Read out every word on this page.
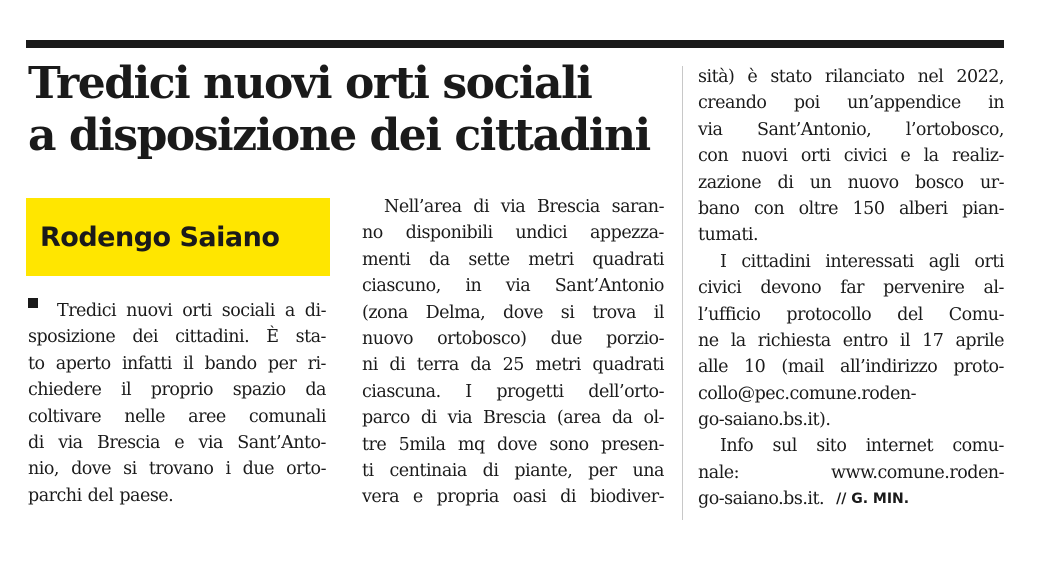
Tredici nuovi orti sociali
a disposizione dei cittadini
Rodengo Saiano
Tredici nuovi orti sociali a di-
sposizione dei cittadini. È sta-
to aperto infatti il bando per ri-
chiedere il proprio spazio da
coltivare nelle aree comunali
di via Brescia e via Sant’Anto-
nio, dove si trovano i due orto-
parchi del paese.
Nell’area di via Brescia saran-
no disponibili undici appezza-
menti da sette metri quadrati
ciascuno, in via Sant’Antonio
(zona Delma, dove si trova il
nuovo ortobosco) due porzio-
ni di terra da 25 metri quadrati
ciascuna. I progetti dell’orto-
parco di via Brescia (area da ol-
tre 5mila mq dove sono presen-
ti centinaia di piante, per una
vera e propria oasi di biodiver-
sità) è stato rilanciato nel 2022,
creando poi un’appendice in
via Sant’Antonio, l’ortobosco,
con nuovi orti civici e la realiz-
zazione di un nuovo bosco ur-
bano con oltre 150 alberi pian-
tumati.
I cittadini interessati agli orti
civici devono far pervenire al-
l’ufficio protocollo del Comu-
ne la richiesta entro il 17 aprile
alle 10 (mail all’indirizzo proto-
collo@pec.comune.roden-
go-saiano.bs.it).
Info sul sito internet comu-
nale:	www.comune.roden-
go-saiano.bs.it. // G. MIN.
